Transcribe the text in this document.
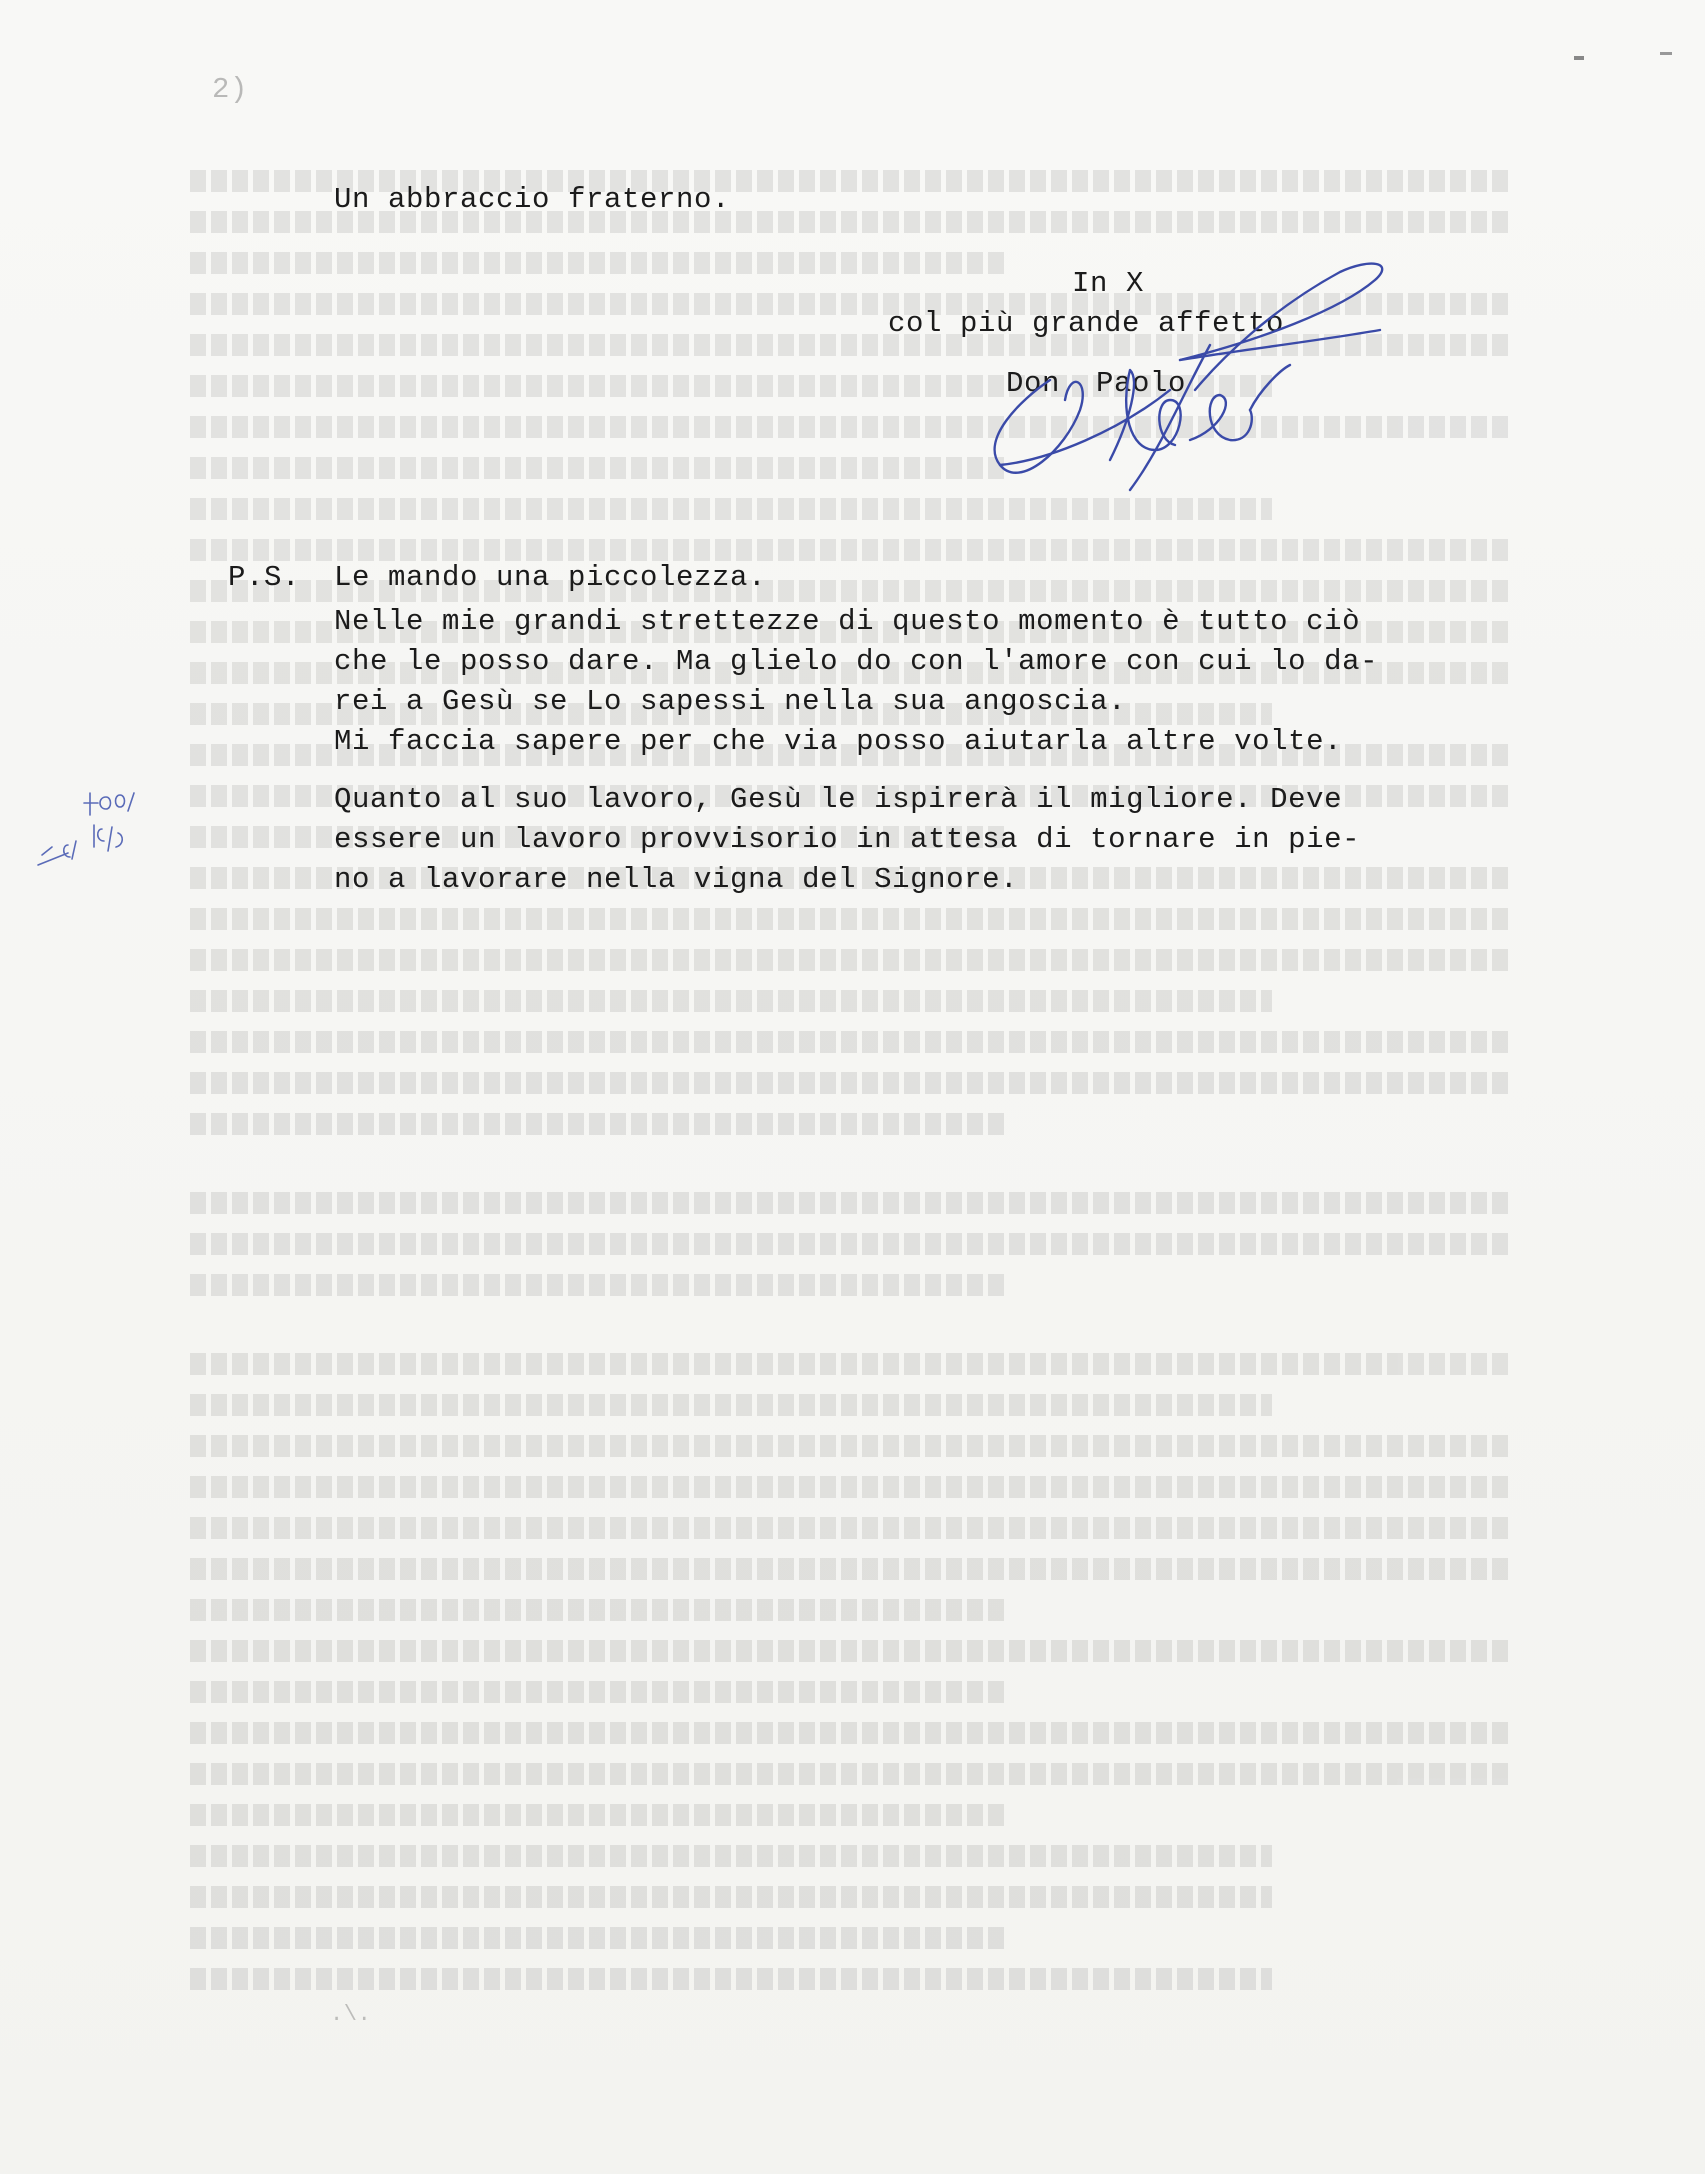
2)
Un abbraccio fraterno.
In X
col più grande affetto
Don  Paolo
P.S. Le mando una piccolezza.
Nelle mie grandi strettezze di questo momento è tutto ciò
che le posso dare. Ma glielo do con l'amore con cui lo da-
rei a Gesù se Lo sapessi nella sua angoscia.
Mi faccia sapere per che via posso aiutarla altre volte.
Quanto al suo lavoro, Gesù le ispirerà il migliore. Deve
essere un lavoro provvisorio in attesa di tornare in pie-
no a lavorare nella vigna del Signore.
.\.
